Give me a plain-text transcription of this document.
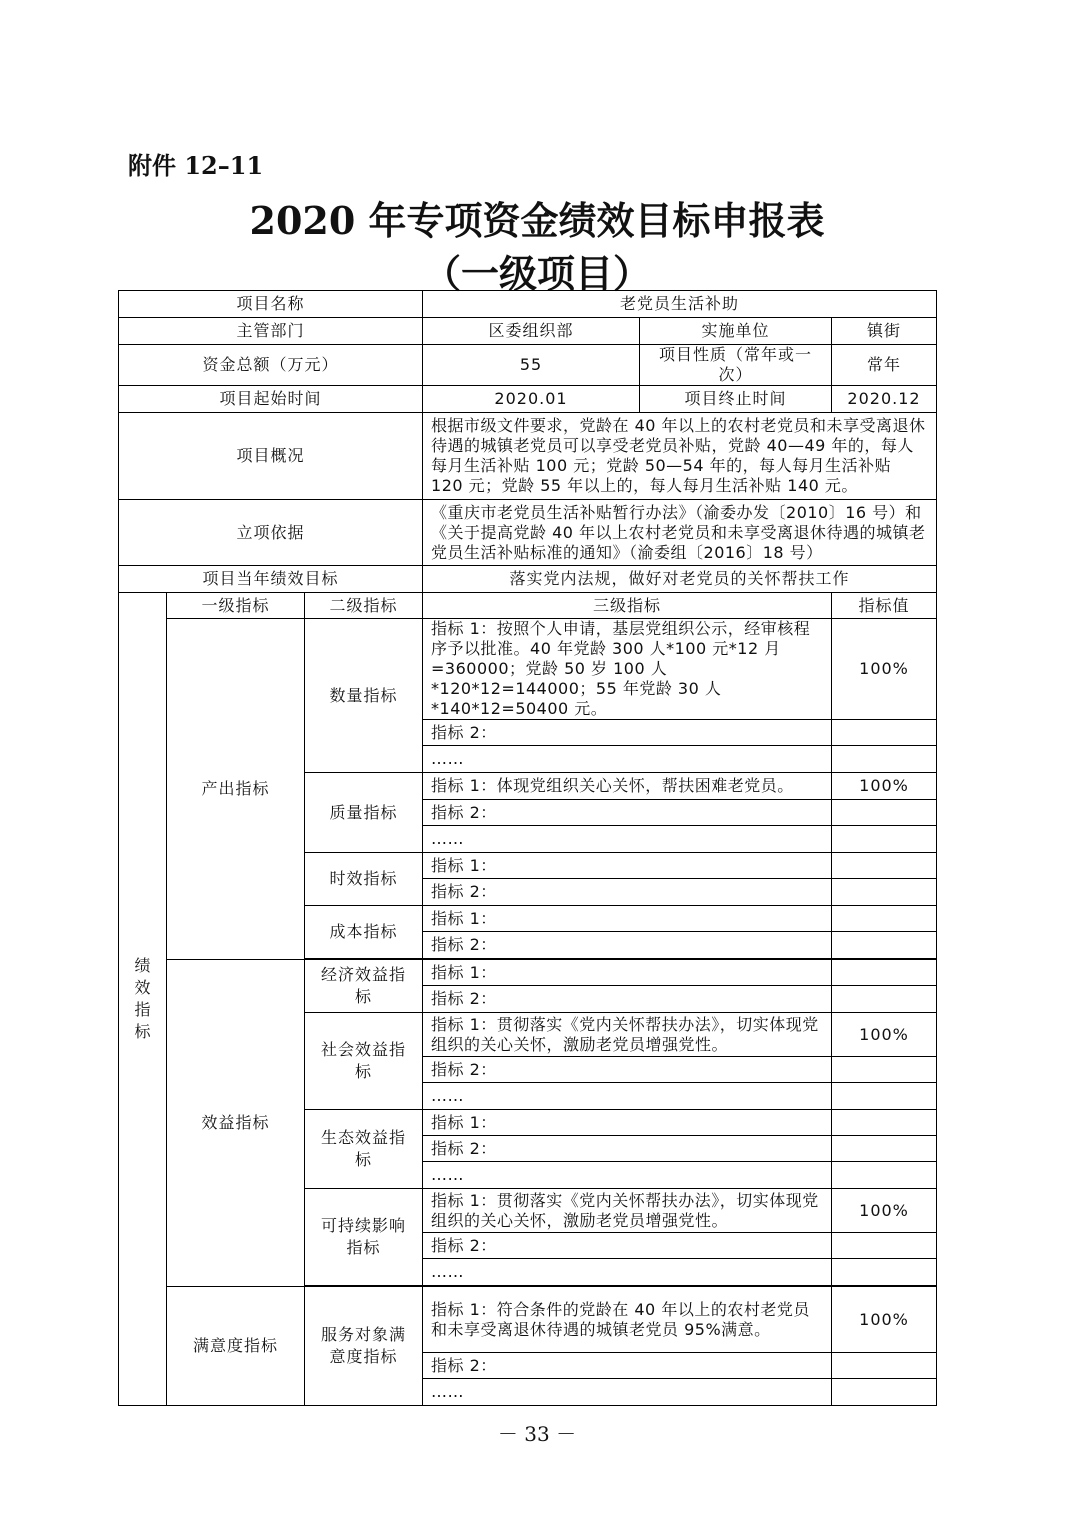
附件 12–11
2020 年专项资金绩效目标申报表
（一级项目）
项目名称			老党员生活补助		
主管部门			区委组织部	实施单位	镇街
资金总额（万元）			55	项目性质（常年或一次）	常年
项目起始时间			2020.01	项目终止时间	2020.12
项目概况			根据市级文件要求，党龄在 40 年以上的农村老党员和未享受离退休待遇的城镇老党员可以享受老党员补贴，党龄 40—49 年的，每人每月生活补贴 100 元；党龄 50—54 年的，每人每月生活补贴 120 元；党龄 55 年以上的，每人每月生活补贴 140 元。		
立项依据			《重庆市老党员生活补贴暂行办法》（渝委办发〔2010〕16 号）和《关于提高党龄 40 年以上农村老党员和未享受离退休待遇的城镇老党员生活补贴标准的通知》（渝委组〔2016〕18 号）		
项目当年绩效目标			落实党内法规，做好对老党员的关怀帮扶工作		

绩效指标	一级指标	二级指标	三级指标		指标值
	产出指标	数量指标	指标 1：按照个人申请，基层党组织公示，经审核程序予以批准。40 年党龄 300 人*100 元*12 月=360000；党龄 50 岁 100 人*120*12=144000；55 年党龄 30 人*140*12=50400 元。		100%
			指标 2：		
			……		
		质量指标	指标 1：体现党组织关心关怀，帮扶困难老党员。		100%
			指标 2：		
			……		
		时效指标	指标 1：		
			指标 2：		
		成本指标	指标 1：		
			指标 2：		

	效益指标	经济效益指标	指标 1：		
			指标 2：		
		社会效益指标	指标 1：贯彻落实《党内关怀帮扶办法》，切实体现党组织的关心关怀，激励老党员增强党性。		100%
			指标 2：		
			……		
		生态效益指标	指标 1：		
			指标 2：		
			……		
		可持续影响指标	指标 1：贯彻落实《党内关怀帮扶办法》，切实体现党组织的关心关怀，激励老党员增强党性。		100%
			指标 2：		
			……		

	满意度指标	服务对象满意度指标	指标 1：符合条件的党龄在 40 年以上的农村老党员和未享受离退休待遇的城镇老党员 95%满意。		100%
			指标 2：		
			……		
－ 33 －
